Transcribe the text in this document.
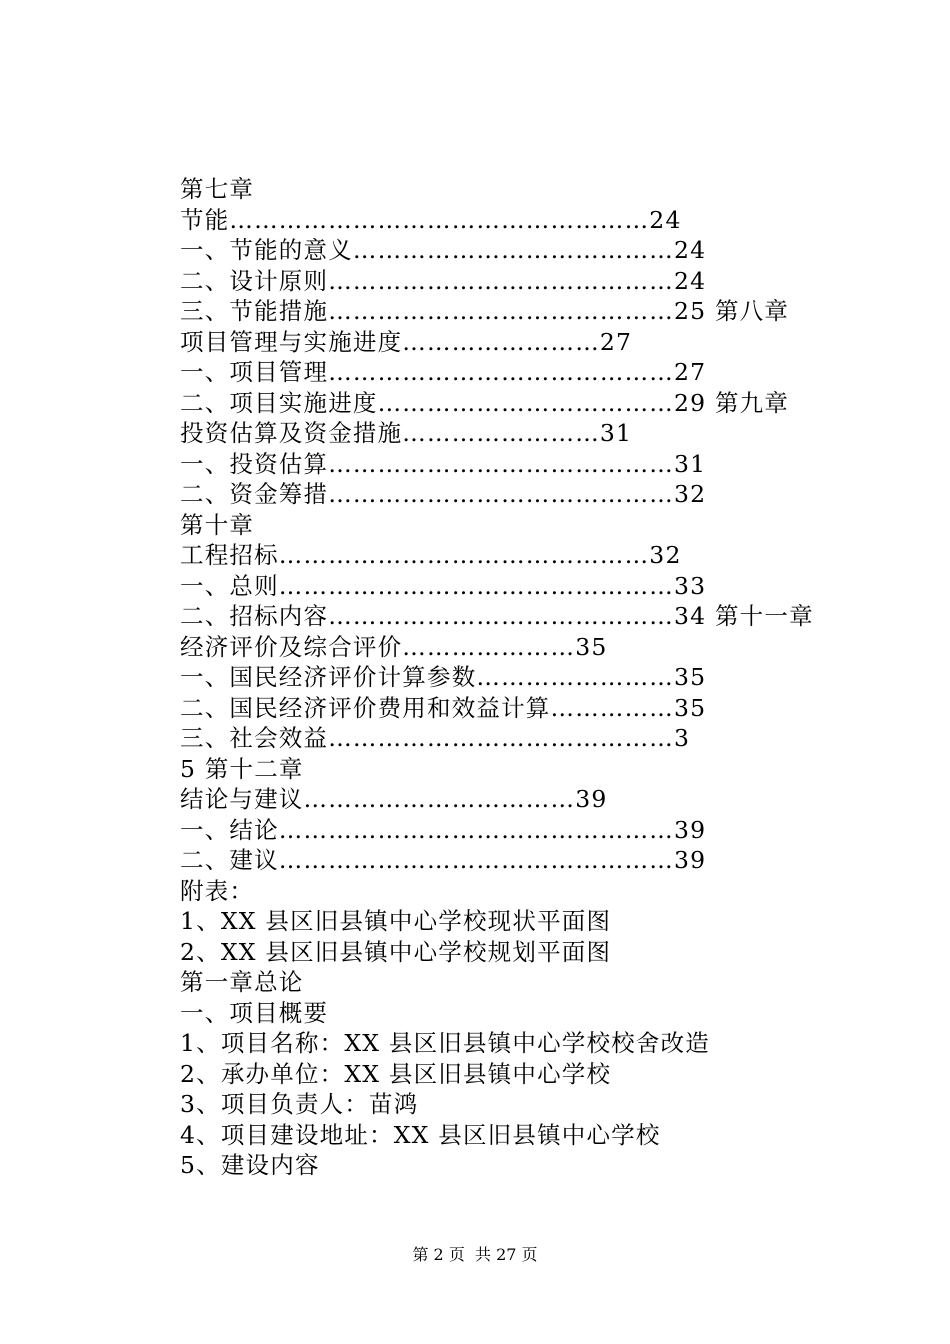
第七章
节能……………………………………………24
一、节能的意义…………………………………24
二、设计原则……………………………………24
三、节能措施……………………………………25 第八章
项目管理与实施进度……………………27
一、项目管理……………………………………27
二、项目实施进度………………………………29 第九章
投资估算及资金措施……………………31
一、投资估算……………………………………31
二、资金筹措……………………………………32
第十章
工程招标………………………………………32
一、总则…………………………………………33
二、招标内容……………………………………34 第十一章
经济评价及综合评价…………………35
一、国民经济评价计算参数……………………35
二、国民经济评价费用和效益计算……………35
三、社会效益……………………………………3
5 第十二章
结论与建议……………………………39
一、结论…………………………………………39
二、建议…………………………………………39
附表：
1、XX 县区旧县镇中心学校现状平面图
2、XX 县区旧县镇中心学校规划平面图
第一章总论
一、项目概要
1、项目名称：XX 县区旧县镇中心学校校舍改造
2、承办单位：XX 县区旧县镇中心学校
3、项目负责人：苗鸿
4、项目建设地址：XX 县区旧县镇中心学校
5、建设内容
第 2 页  共 27 页
